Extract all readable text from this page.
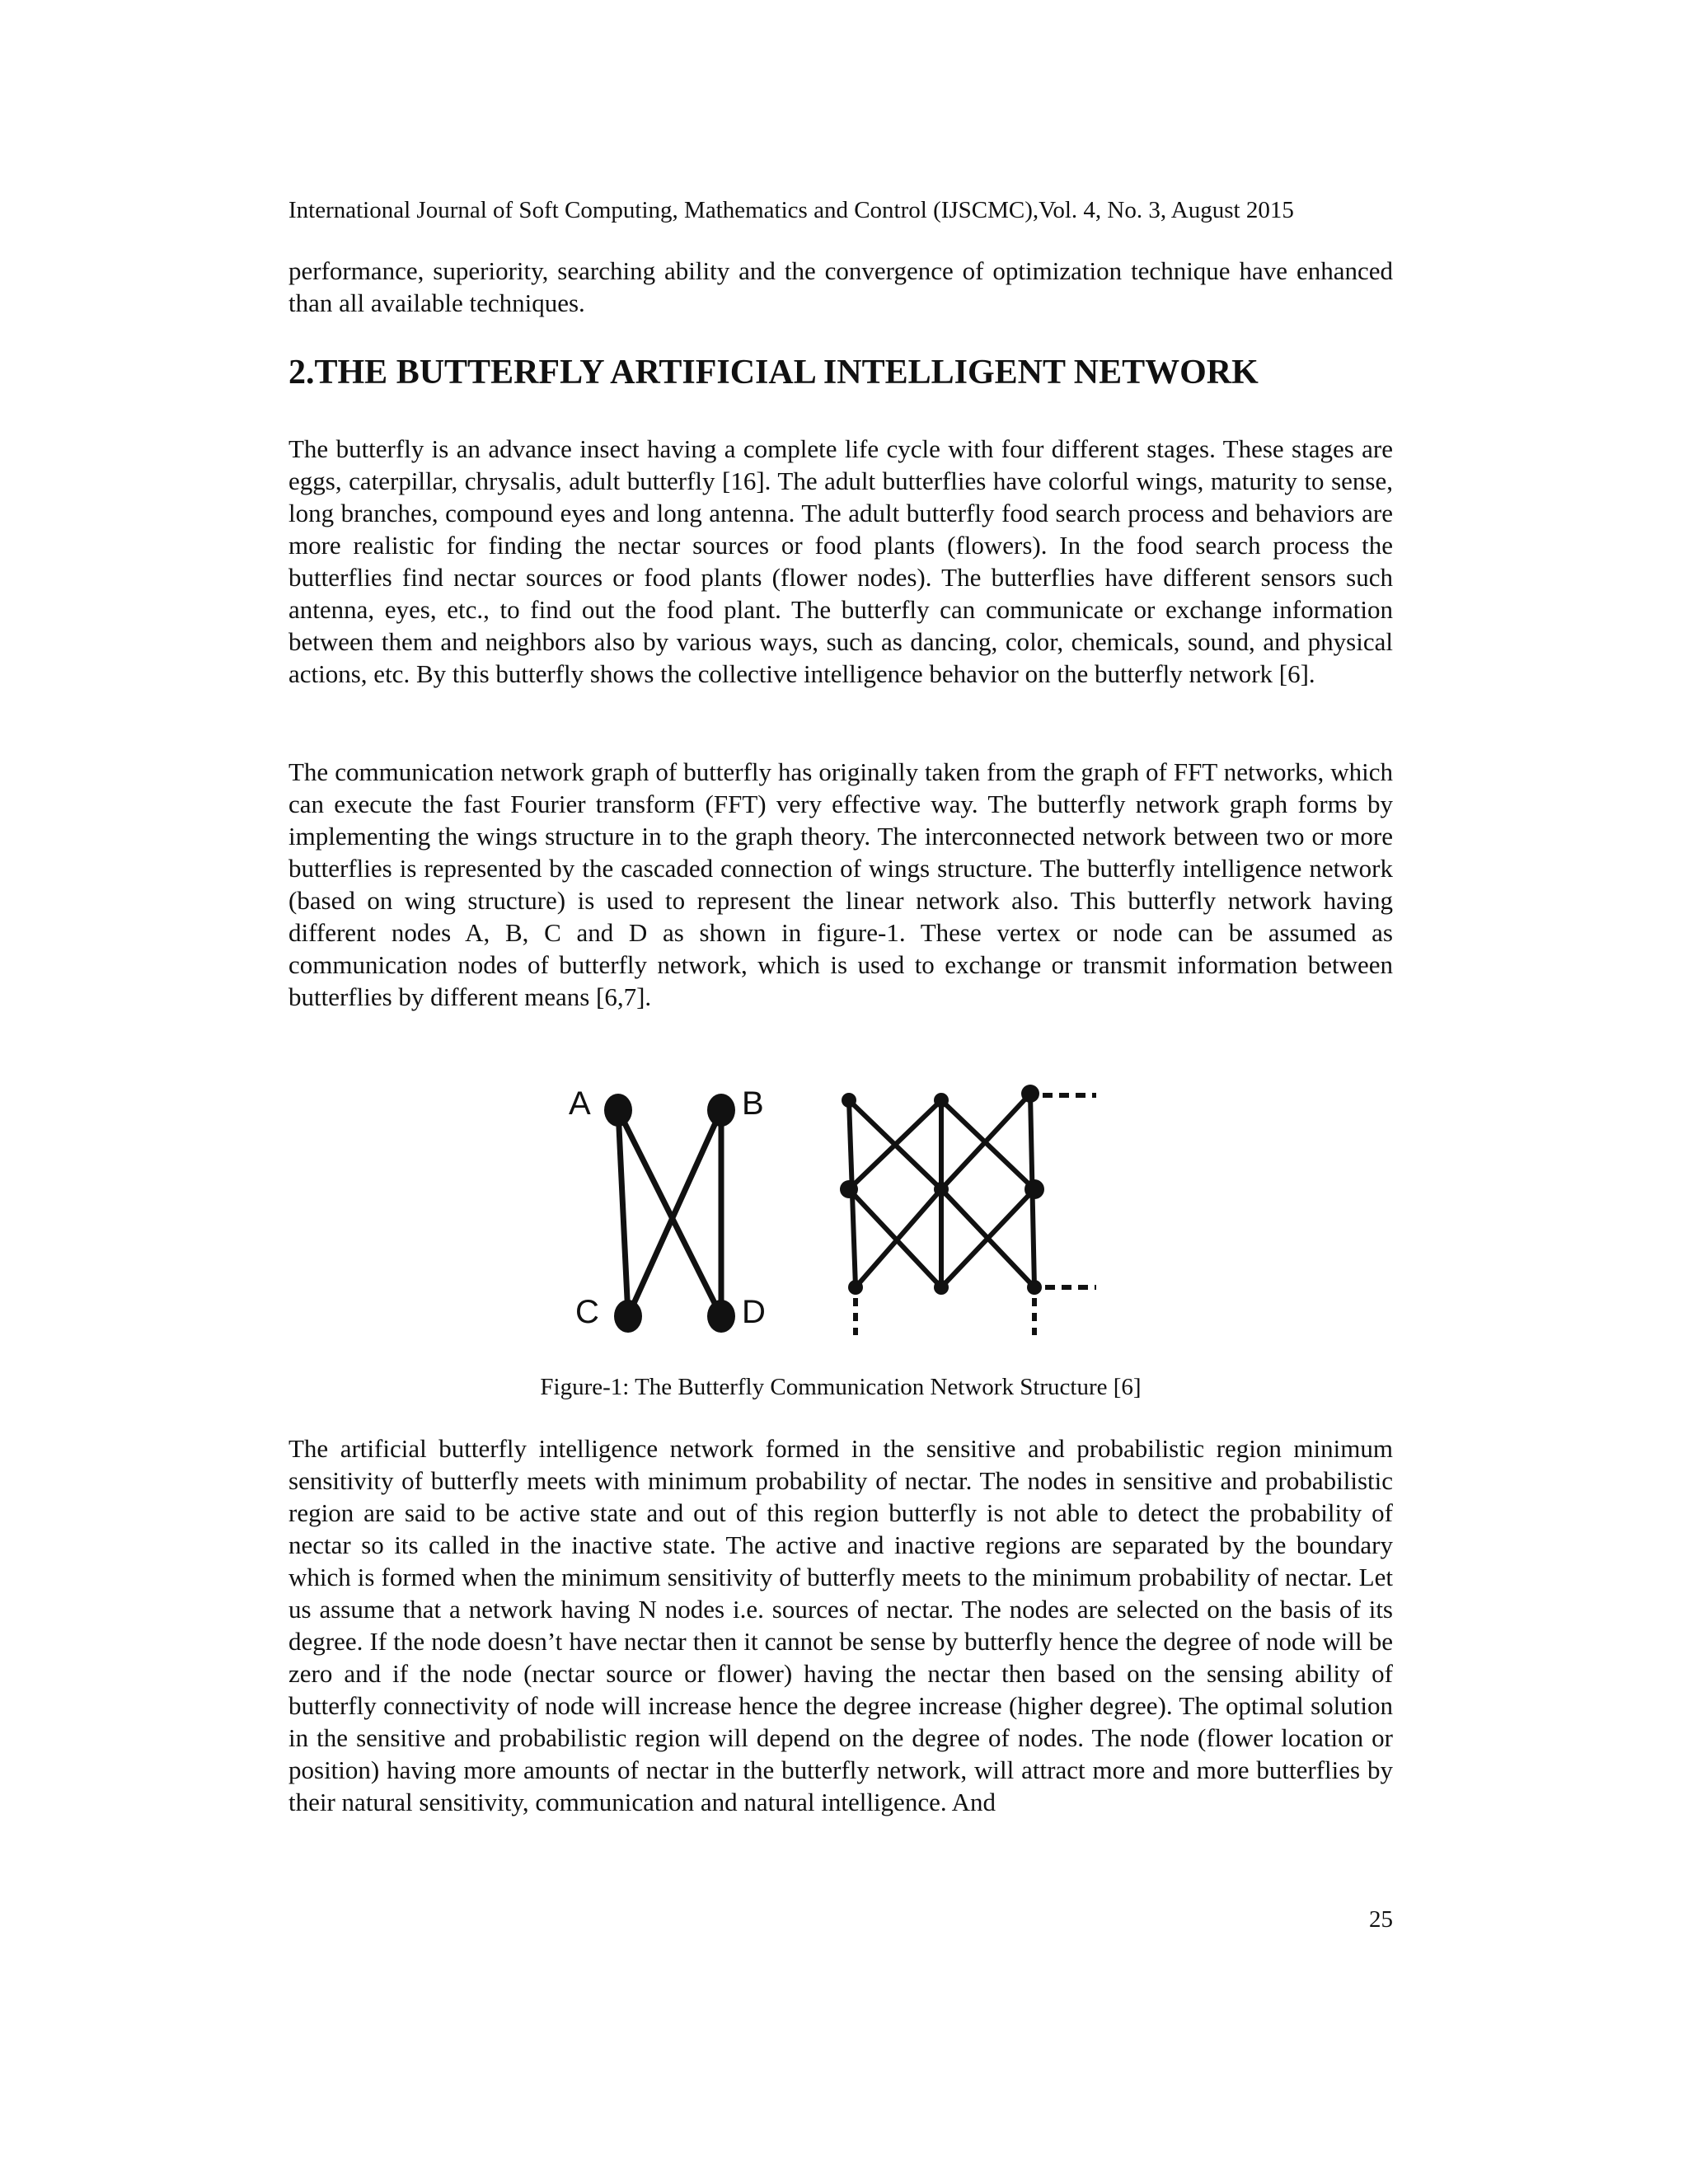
International Journal of Soft Computing, Mathematics and Control (IJSCMC),Vol. 4, No. 3, August 2015

performance, superiority, searching ability and the convergence of optimization technique have enhanced than all available techniques.

2.THE BUTTERFLY ARTIFICIAL INTELLIGENT NETWORK

The butterfly is an advance insect having a complete life cycle with four different stages. These stages are eggs, caterpillar, chrysalis, adult butterfly [16]. The adult butterflies have colorful wings, maturity to sense, long branches, compound eyes and long antenna. The adult butterfly food search process and behaviors are more realistic for finding the nectar sources or food plants (flowers). In the food search process the butterflies find nectar sources or food plants (flower nodes). The butterflies have different sensors such antenna, eyes, etc., to find out the food plant. The butterfly can communicate or exchange information between them and neighbors also by various ways, such as dancing, color, chemicals, sound, and physical actions, etc. By this butterfly shows the collective intelligence behavior on the butterfly network [6].

The communication network graph of butterfly has originally taken from the graph of FFT networks, which can execute the fast Fourier transform (FFT) very effective way. The butterfly network graph forms by implementing the wings structure in to the graph theory. The interconnected network between two or more butterflies is represented by the cascaded connection of wings structure. The butterfly intelligence network (based on wing structure) is used to represent the linear network also. This butterfly network having different nodes A, B, C and D as shown in figure-1. These vertex or node can be assumed as communication nodes of butterfly network, which is used to exchange or transmit information between butterflies by different means [6,7].

A	B
C	D
Figure-1: The Butterfly Communication Network Structure [6]

The artificial butterfly intelligence network formed in the sensitive and probabilistic region minimum sensitivity of butterfly meets with minimum probability of nectar. The nodes in sensitive and probabilistic region are said to be active state and out of this region butterfly is not able to detect the probability of nectar so its called in the inactive state. The active and inactive regions are separated by the boundary which is formed when the minimum sensitivity of butterfly meets to the minimum probability of nectar. Let us assume that a network having N nodes i.e. sources of nectar. The nodes are selected on the basis of its degree. If the node doesn’t have nectar then it cannot be sense by butterfly hence the degree of node will be zero and if the node (nectar source or flower) having the nectar then based on the sensing ability of butterfly connectivity of node will increase hence the degree increase (higher degree). The optimal solution in the sensitive and probabilistic region will depend on the degree of nodes. The node (flower location or position) having more amounts of nectar in the butterfly network, will attract more and more butterflies by their natural sensitivity, communication and natural intelligence. And

25
